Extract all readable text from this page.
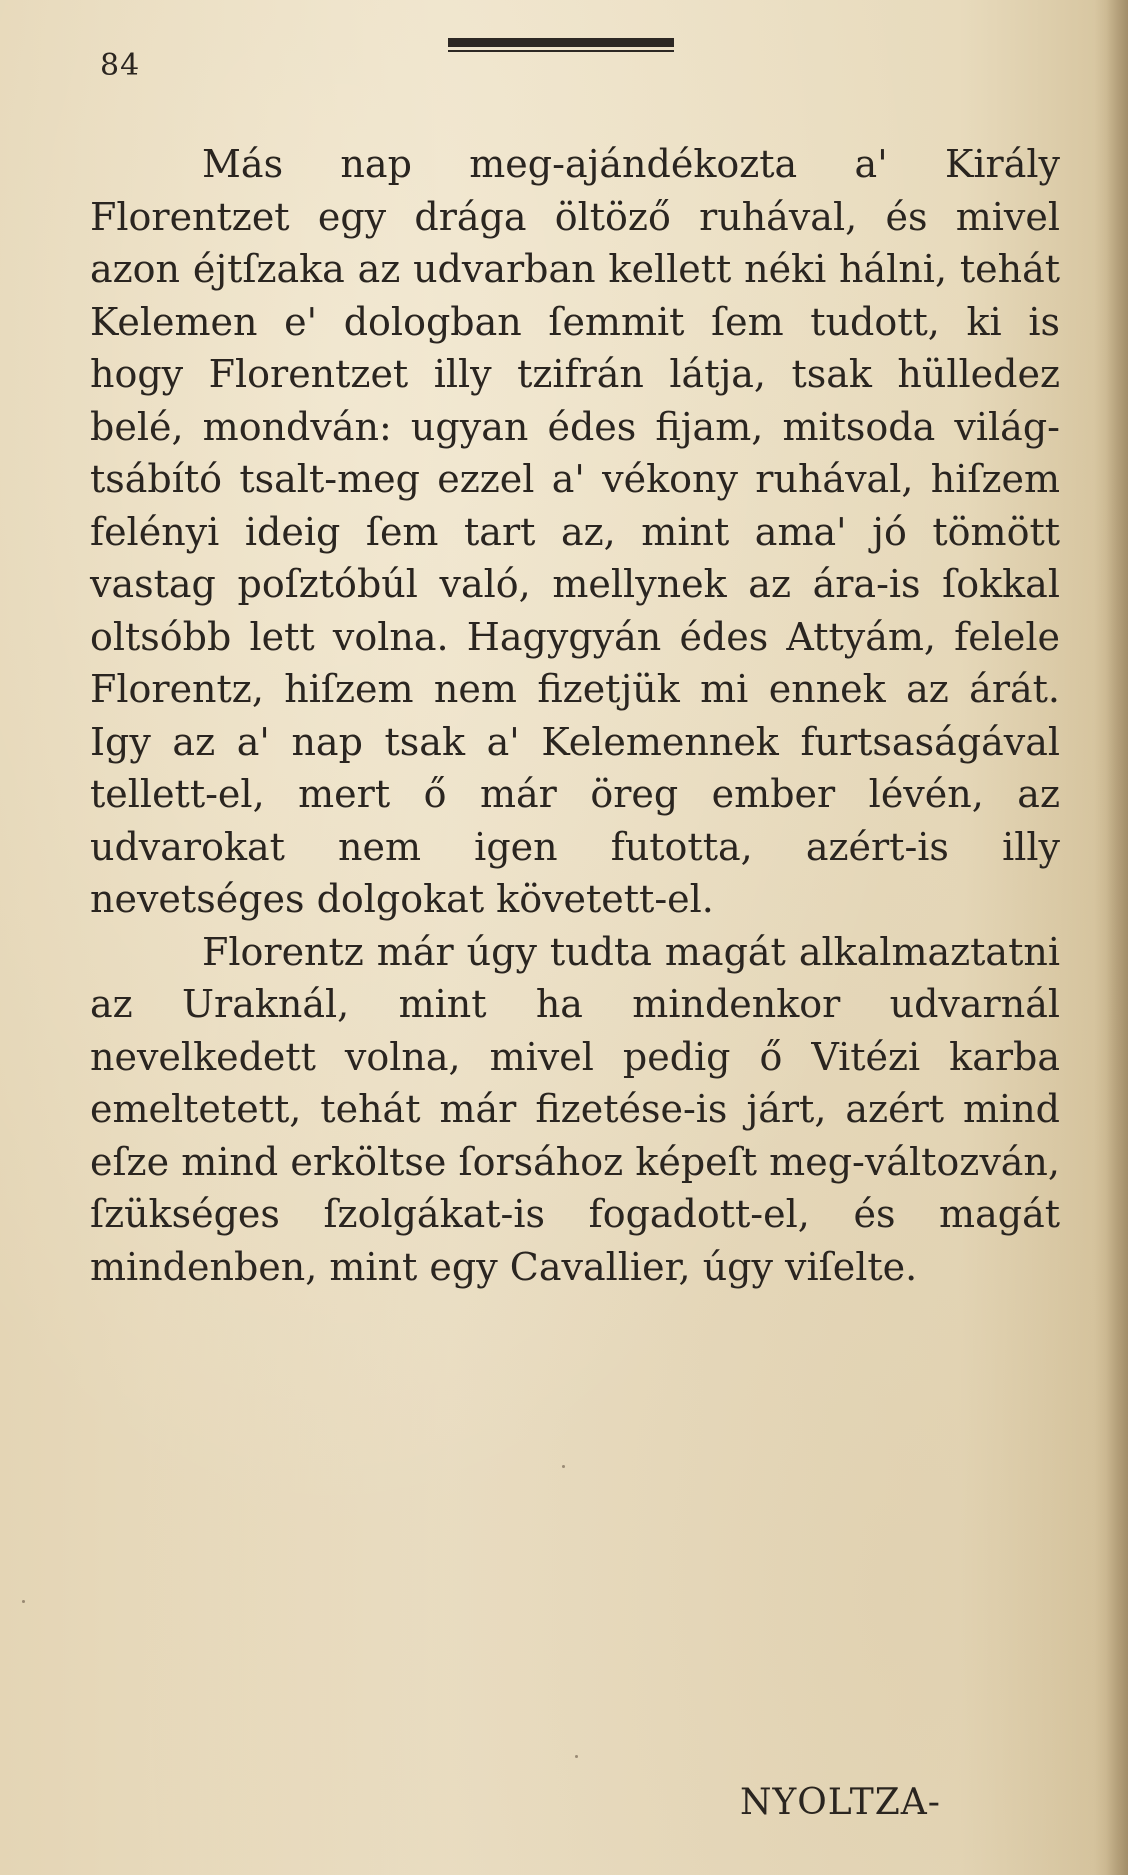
84

Más nap meg-ajándékozta a' Király Florentzet egy drága öltöző ruhával, és mivel azon éjtſzaka az udvarban kellett néki hálni, tehát Kelemen e' dologban ſemmit ſem tudott, ki is hogy Florentzet illy tzifrán látja, tsak hülledez belé, mondván: ugyan édes fijam, mitsoda világ-tsábító tsalt-meg ezzel a' vékony ruhával, hiſzem felényi ideig ſem tart az, mint ama' jó tömött vastag poſztóbúl való, mellynek az ára-is ſokkal oltsóbb lett volna. Hagygyán édes Attyám, felele Florentz, hiſzem nem fizetjük mi ennek az árát. Igy az a' nap tsak a' Kelemennek furtsaságával tellett-el, mert ő már öreg ember lévén, az udvarokat nem igen futotta, azért-is illy nevetséges dolgokat követett-el.

Florentz már úgy tudta magát alkalmaztatni az Uraknál, mint ha mindenkor udvarnál nevelkedett volna, mivel pedig ő Vitézi karba emeltetett, tehát már fizetése-is járt, azért mind eſze mind erköltse ſorsához képeſt meg-változván, ſzükséges ſzolgákat-is fogadott-el, és magát mindenben, mint egy Cavallier, úgy viſelte.

NYOLTZA-
